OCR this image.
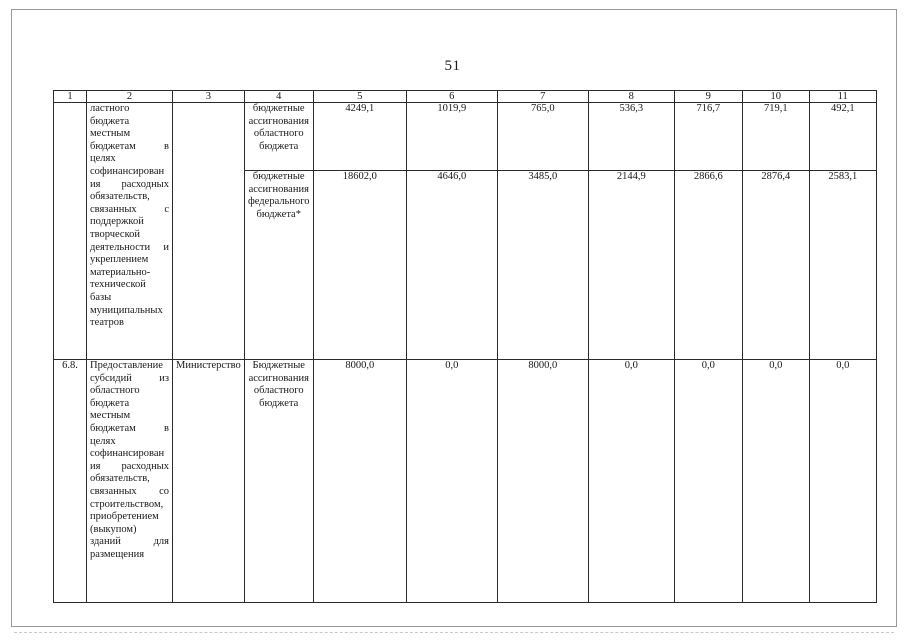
51
1	2	3	4	5	6	7	8	9	10	11

	ластного бюджета местным бюджетам в целях софинансирования расходных обязательств, связанных с поддержкой творческой деятельности и укреплением материально-технической базы муниципальных театров		бюджетные ассигнования областного бюджета	4249,1	1019,9	765,0	536,3	716,7	719,1	492,1
			бюджетные ассигнования федерального бюджета*	18602,0	4646,0	3485,0	2144,9	2866,6	2876,4	2583,1
6.8.	Предоставление субсидий из областного бюджета местным бюджетам в целях софинансирования расходных обязательств, связанных со строительством, приобретением (выкупом) зданий для размещения	Министерство	Бюджетные ассигнования областного бюджета	8000,0	0,0	8000,0	0,0	0,0	0,0	0,0
